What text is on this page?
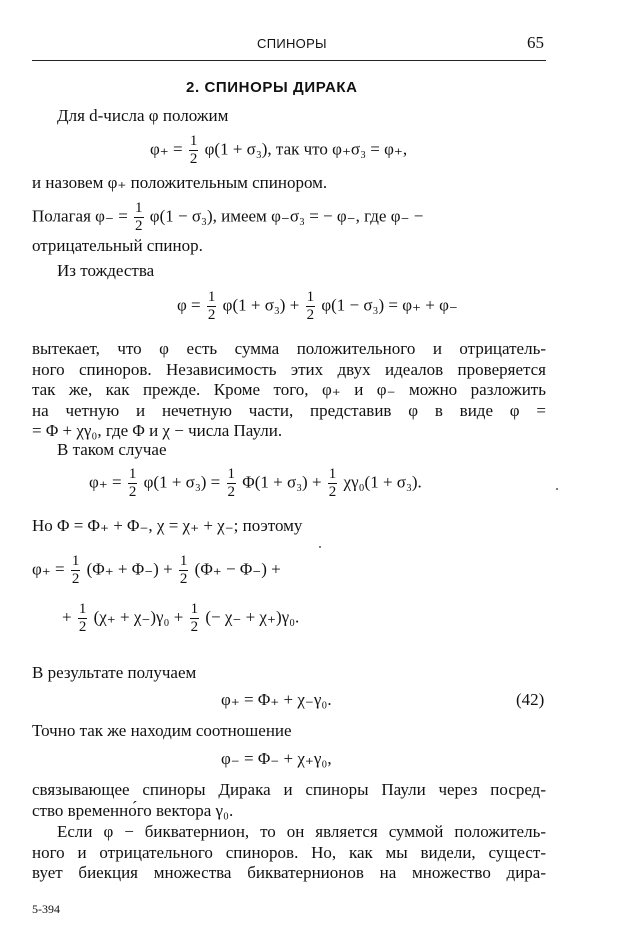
СПИНОРЫ	65
2. СПИНОРЫ ДИРАКА
Для d-числа φ положим
$\varphi_+ = \frac{1}{2} \varphi(1 + \sigma_3)$, так что φ₊σ₃ = φ₊,
и назовем φ₊ положительным спинором.
Полагая $\varphi_- = \frac{1}{2} \varphi(1 - \sigma_3)$, имеем φ₋σ₃ = − φ₋, где φ₋ −
отрицательный спинор.
Из тождества
$\varphi = \frac{1}{2} \varphi(1 + \sigma_3) + \frac{1}{2} \varphi(1 - \sigma_3) = \varphi_+ + \varphi_-$
вытекает, что φ есть сумма положительного и отрицатель-
ного спиноров. Независимость этих двух идеалов проверяется
так же, как прежде. Кроме того, φ₊ и φ₋ можно разложить
на четную и нечетную части, представив φ в виде φ =
= Φ + χγ₀, где Φ и χ − числа Паули.
В таком случае
$\varphi_+ = \frac{1}{2} \varphi(1 + \sigma_3) = \frac{1}{2} \Phi(1 + \sigma_3) + \frac{1}{2} \chi\gamma_0(1 + \sigma_3)$.
Но Φ = Φ₊ + Φ₋, χ = χ₊ + χ₋; поэтому
$\varphi_+ = \frac{1}{2} (\Phi_+ + \Phi_-) + \frac{1}{2} (\Phi_+ - \Phi_-)$ +
+ $\frac{1}{2} (\chi_+ + \chi_-)\gamma_0 + \frac{1}{2}$ (− χ₋ + χ₊)γ₀.
В результате получаем
φ₊ = Φ₊ + χ₋γ₀.	(42)
Точно так же находим соотношение
φ₋ = Φ₋ + χ₊γ₀,
связывающее спиноры Дирака и спиноры Паули через посред-
ство временно́го вектора γ₀.
Если φ − бикватернион, то он является суммой положитель-
ного и отрицательного спиноров. Но, как мы видели, сущест-
вует биекция множества бикватернионов на множество дира-
5-394
